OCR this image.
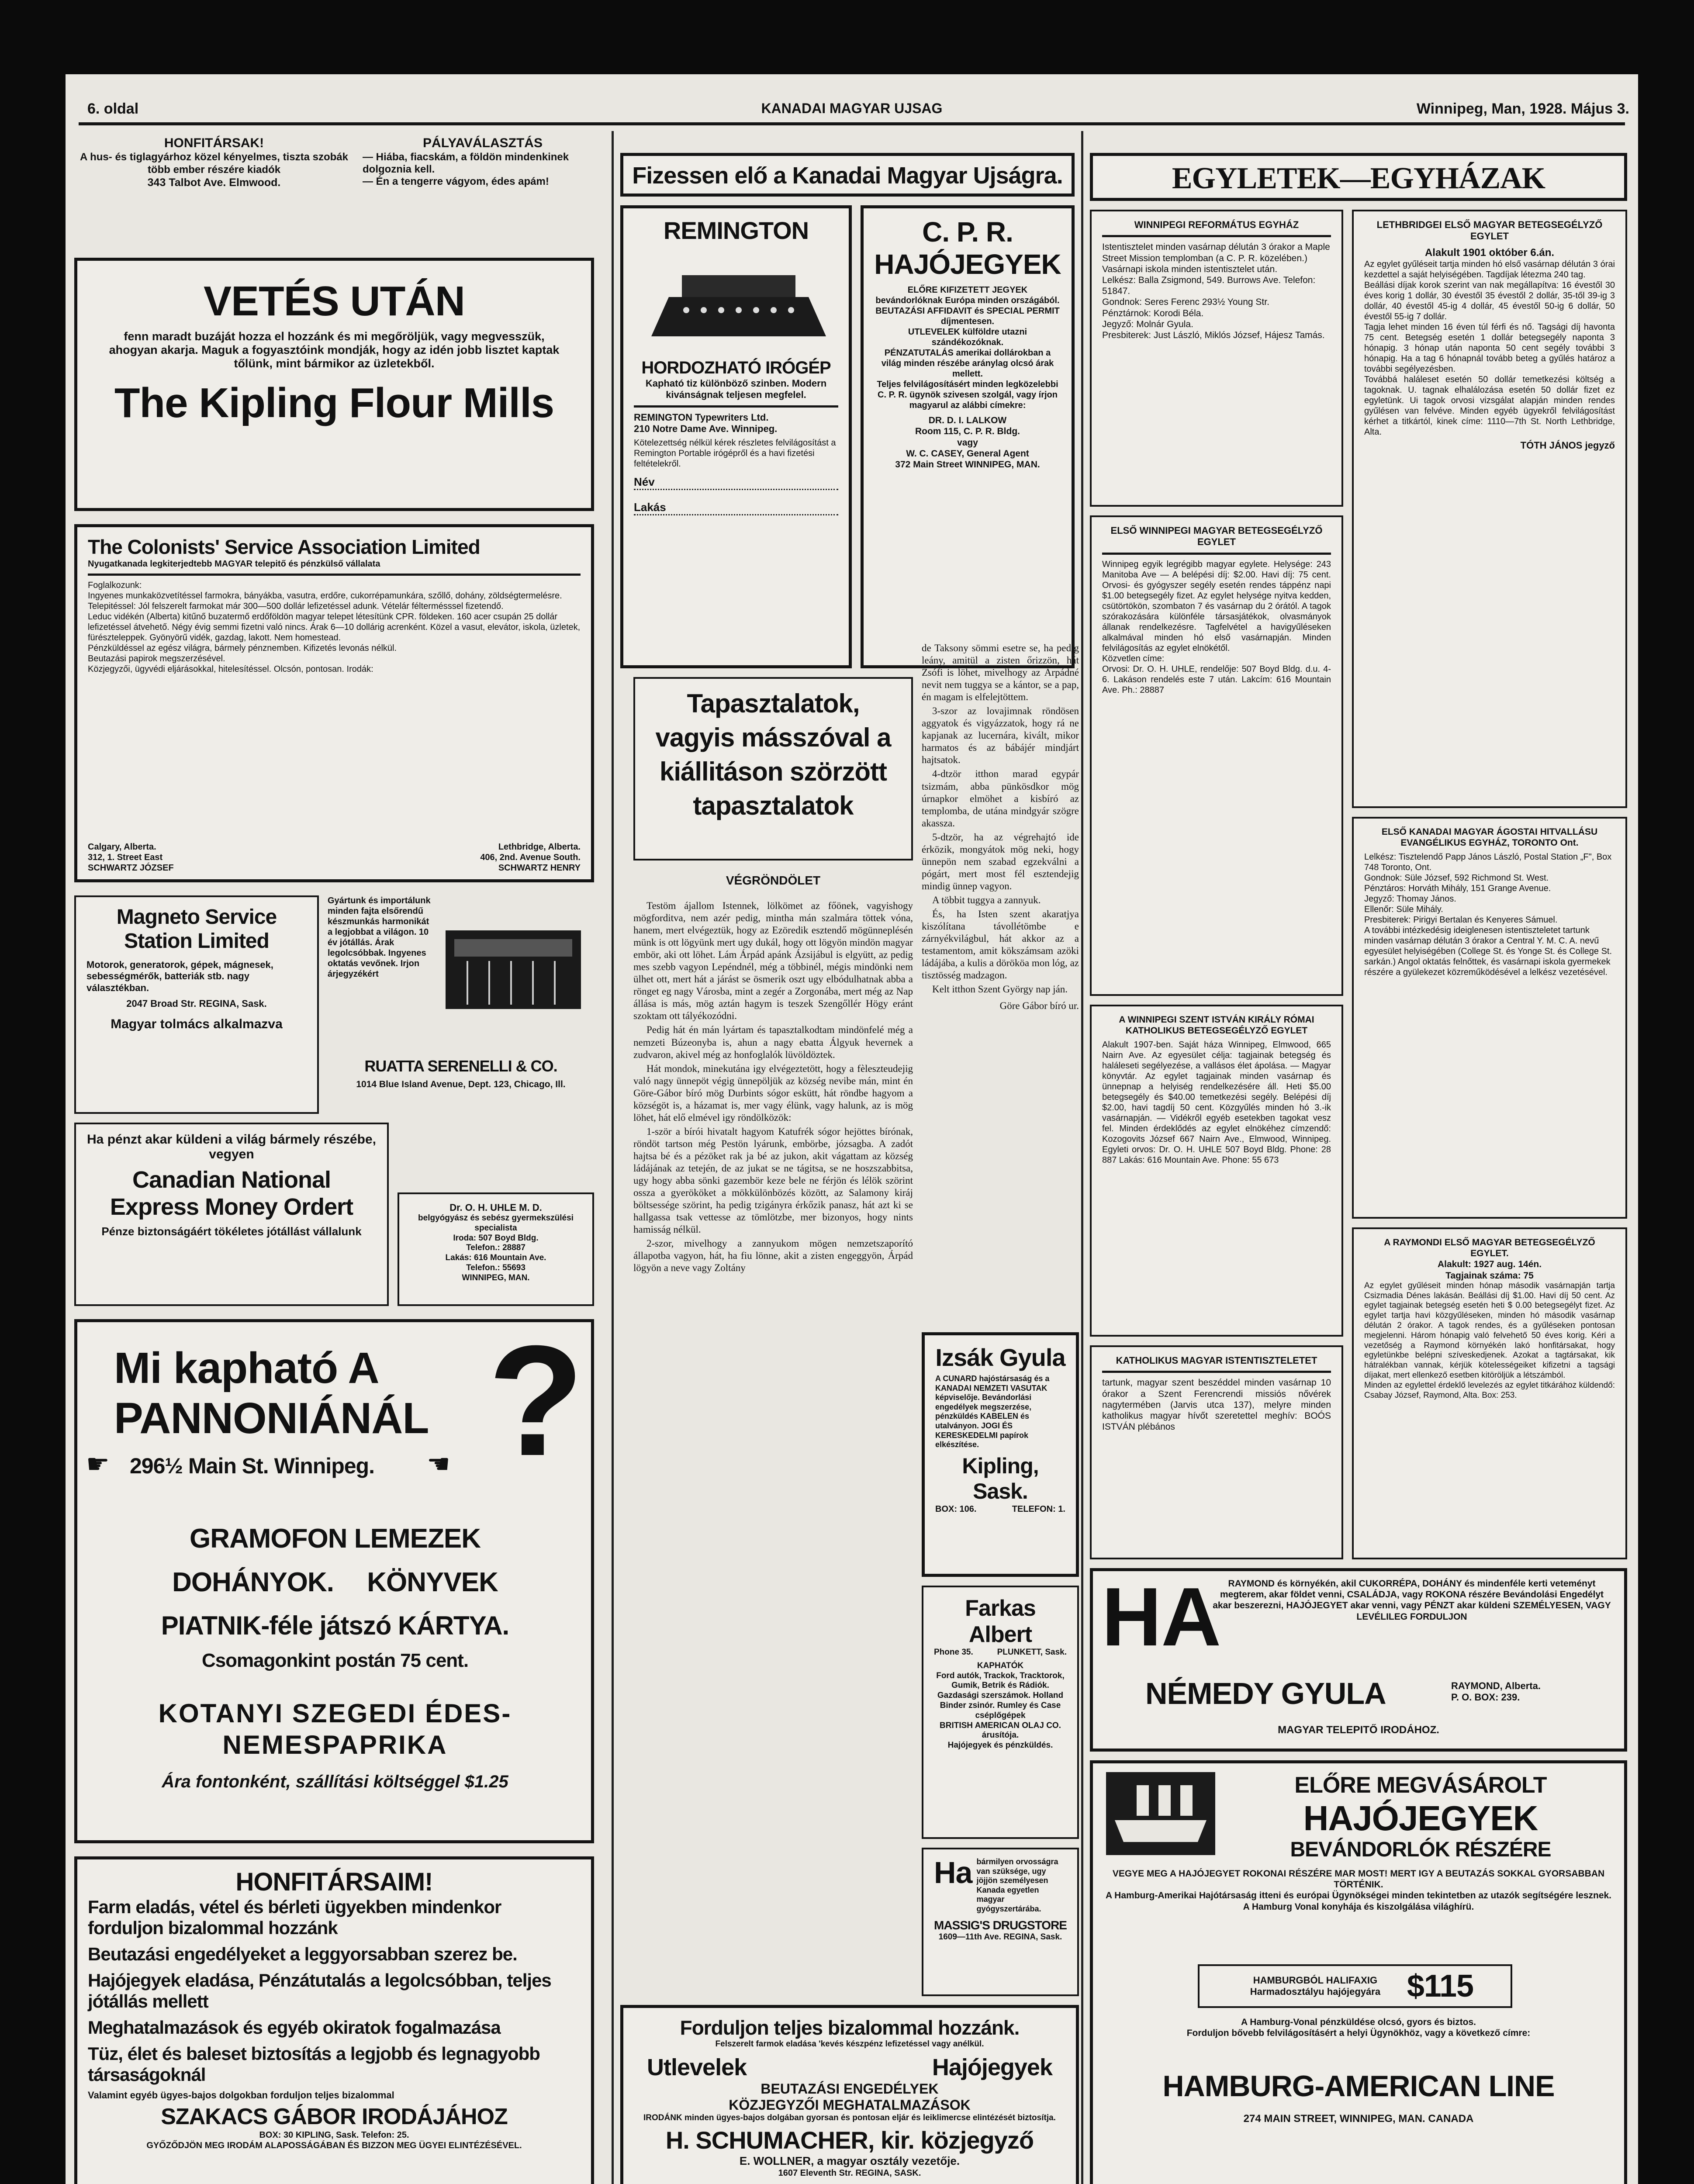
6. oldal	KANADAI MAGYAR UJSAG	Winnipeg, Man, 1928. Május 3.
HONFITÁRSAK!
A hus- és tiglagyárhoz közel kényelmes, tiszta szobák több ember részére kiadók
343 Talbot Ave. Elmwood.
PÁLYAVÁLASZTÁS
— Hiába, fiacskám, a földön mindenkinek dolgoznia kell.
— Én a tengerre vágyom, édes apám!
VETÉS UTÁN
fenn maradt buzáját hozza el hozzánk és mi megőröljük, vagy megvesszük, ahogyan akarja. Maguk a fogyasztóink mondják, hogy az idén jobb lisztet kaptak tőlünk, mint bármikor az üzletekből.
The Kipling Flour Mills
The Colonists' Service Association Limited
Nyugatkanada legkiterjedtebb MAGYAR telepitő és pénzkülső vállalata
Foglalkozunk:
Ingyenes munkaközvetítéssel farmokra, bányákba, vasutra, erdőre, cukorrépamunkára, szőllő, dohány, zöldségtermelésre.
Telepitéssel: Jól felszerelt farmokat már 300—500 dollár lefizetéssel adunk. Vételár féltermésssel fizetendő.
Leduc vidékén (Alberta) kitűnő buzatermő erdőföldön magyar telepet létesítünk CPR. földeken. 160 acer csupán 25 dollár lefizetéssel átvehető. Négy évig semmi fizetni való nincs. Árak 6—10 dollárig acrenként. Közel a vasut, elevátor, iskola, üzletek, fürészteleppek. Gyönyörű vidék, gazdag, lakott. Nem homestead.
Pénzküldéssel az egész világra, bármely pénznemben. Kifizetés levonás nélkül.
Beutazási papirok megszerzésével.
Közjegyzői, ügyvédi eljárásokkal, hitelesítéssel. Olcsón, pontosan. Irodák:
Calgary, Alberta.
312, 1. Street East
SCHWARTZ JÓZSEF
Lethbridge, Alberta.
406, 2nd. Avenue South.
SCHWARTZ HENRY
Magneto Service Station Limited
Motorok, generatorok, gépek, mágnesek, sebességmérők, batteriák stb. nagy választékban.
2047 Broad Str. REGINA, Sask.
Magyar tolmács alkalmazva
Gyártunk és importálunk minden fajta elsőrendű készmunkás harmonikát a legjobbat a világon. 10 év jótállás. Árak legolcsóbbak. Ingyenes oktatás vevőnek. Irjon árjegyzékért
RUATTA SERENELLI & CO.
1014 Blue Island Avenue, Dept. 123, Chicago, Ill.
Ha pénzt akar küldeni a világ bármely részébe, vegyen
Canadian National Express Money Ordert
Pénze biztonságáért tökéletes jótállást vállalunk
Dr. O. H. UHLE M. D.
belgyógyász és sebész gyermekszülési specialista
Iroda: 507 Boyd Bldg.
Telefon.: 28887
Lakás: 616 Mountain Ave.
Telefon.: 55693
WINNIPEG, MAN.
Mi kapható A PANNONIÁNÁL ?
296½ Main St. Winnipeg.
☛	☚
GRAMOFON LEMEZEK
DOHÁNYOK. KÖNYVEK
PIATNIK-féle játszó KÁRTYA.
Csomagonkint postán 75 cent.
KOTANYI SZEGEDI ÉDES-NEMESPAPRIKA
Ára fontonként, szállítási költséggel $1.25
HONFITÁRSAIM!
Farm eladás, vétel és bérleti ügyekben mindenkor forduljon bizalommal hozzánk
Beutazási engedélyeket a leggyorsabban szerez be.
Hajójegyek eladása, Pénzátutalás a legolcsóbban, teljes jótállás mellett
Meghatalmazások és egyéb okiratok fogalmazása
Tüz, élet és baleset biztosítás a legjobb és legnagyobb társaságoknál
Valamint egyéb ügyes-bajos dolgokban forduljon teljes bizalommal
SZAKACS GÁBOR IRODÁJÁHOZ
BOX: 30 KIPLING, Sask. Telefon: 25.
GYŐZŐDJÖN MEG IRODÁM ALAPOSSÁGÁBAN ÉS BIZZON MEG ÜGYEI ELINTÉZÉSÉVEL.
Fizessen elő a Kanadai Magyar Ujságra.
REMINGTON
HORDOZHATÓ IRÓGÉP
Kapható tiz különböző szinben. Modern kivánságnak teljesen megfelel.
REMINGTON Typewriters Ltd.
210 Notre Dame Ave. Winnipeg.
Kötelezettség nélkül kérek részletes felvilágosítást a Remington Portable irógépről és a havi fizetési feltételekről.
Név
Lakás
C. P. R. HAJÓJEGYEK
ELŐRE KIFIZETETT JEGYEK bevándorlóknak Európa minden országából.
BEUTAZÁSI AFFIDAVIT és SPECIAL PERMIT díjmentesen.
UTLEVELEK külföldre utazni szándékozóknak.
PÉNZATUTALÁS amerikai dollárokban a világ minden részébe aránylag olcsó árak mellett.
Teljes felvilágosításért minden legközelebbi C. P. R. ügynök szivesen szolgál, vagy írjon magyarul az alábbi címekre:
DR. D. I. LALKOW
Room 115, C. P. R. Bldg.
vagy
W. C. CASEY, General Agent
372 Main Street WINNIPEG, MAN.
Tapasztalatok, vagyis másszóval a kiállitáson szörzött tapasztalatok
VÉGRÖNDÖLET

Testöm ájallom Istennek, lölkömet az főönek, vagyishogy mögforditva, nem azér pedig, mintha mán szalmára töttek vóna, hanem, mert elvégeztük, hogy az Ezöredik esztendő mögünneplésén münk is ott lögyünk mert ugy dukál, hogy ott lögyön mindön magyar embör, aki ott löhet. Lám Árpád apánk Ázsijábul is elgyütt, az pedig mes szebb vagyon Lepéndnél, még a többinél, mégis mindönki nem ülhet ott, mert hát a járást se ösmerik oszt ugy elbódulhatnak abba a rönget eg nagy Városba, mint a zegér a Zorgonába, mert még az Nap állása is más, mög aztán hagym is teszek Szengőllér Högy eránt szoktam ott tályékozódni.

Pedig hát én mán lyártam és tapasztalkodtam mindönfelé még a nemzeti Búzeonyba is, ahun a nagy ebatta Álgyuk hevernek a zudvaron, akivel még az honfoglalók lüvöldöztek.

Hát mondok, minekutána igy elvégeztetött, hogy a fèleszteudejig való nagy ünnepöt végig ünnepöljük az község nevibe mán, mint én Göre-Gábor bíró mög Durbints sógor eskütt, hát röndbe hagyom a községöt is, a házamat is, mer vagy élünk, vagy halunk, az is mög löhet, hát elő elmével igy röndölközök:

1-ször a bírói hivatalt hagyom Katufrék sógor hejöttes bírónak, röndöt tartson még Pestön lyárunk, embörbe, józsagba. A zadót hajtsa bé és a pézöket rak ja bé az jukon, akit vágattam az község ládájának az tetején, de az jukat se ne tágitsa, se ne hoszszabbitsa, ugy hogy abba sönki gazembör keze bele ne férjön és lélök szörint ossza a gyerököket a mökkülönbözés között, az Salamony kiráj böltsessége szörint, ha pedig tzigányra érkőzik panasz, hát azt ki se hallgassa tsak vettesse az tömlötzbe, mer bizonyos, hogy nints hamisság nélkül.

2-szor, mivelhogy a zannyukom mögen nemzetszaporító állapotba vagyon, hát, ha fiu lönne, akit a zisten engeggyön, Árpád lögyön a neve vagy Zoltány

de Taksony sömmi esetre se, ha pedig leány, amitül a zisten őrizzön, hát Zsófi is löhet, mivelhogy az Árpádné nevit nem tuggya se a kántor, se a pap, én magam is elfelejtöttem.

3-szor az lovajimnak röndösen aggyatok és vigyázzatok, hogy rá ne kapjanak az lucernára, kivált, mikor harmatos és az bábájér mindjárt hajtsatok.

4-dtzör itthon marad egypár tsizmám, abba pünkösdkor mög úrnapkor elmöhet a kisbíró az templomba, de utána mindgyár szögre akassza.

5-dtzör, ha az végrehajtó ide érközik, mongyátok mög neki, hogy ünnepön nem szabad egzekválni a pógárt, mert most fél esztendejig mindig ünnep vagyon.

A többit tuggya a zannyuk.

És, ha Isten szent akaratjya kiszólítana távollétömbe e zárnyékvilágbul, hát akkor az a testamentom, amit kökszámsam azöki ládájába, a kulis a dörököa mon lóg, az tisztösség madzagon.

Kelt itthon Szent György nap ján.

Göre Gábor bíró ur.

Izsák Gyula
A CUNARD hajóstársaság és a KANADAI NEMZETI VASUTAK képviselője. Bevándorlási engedélyek megszerzése, pénzküldés KABELEN és utalványon. JOGI ÉS KERESKEDELMI papírok elkészítése.
Kipling, Sask.
BOX: 106.	TELEFON: 1.
Farkas Albert
Phone 35.	PLUNKETT, Sask.
KAPHATÓK
Ford autók, Trackok, Tracktorok, Gumik, Betrik és Rádiók. Gazdasági szerszámok. Holland Binder zsinór. Rumley és Case cséplőgépek
BRITISH AMERICAN OLAJ CO. árusítója.
Hajójegyek és pénzküldés.
Ha bármilyen orvosságra van szüksége, ugy jöjjön személyesen Kanada egyetlen magyar gyógyszertárába.
MASSIG'S DRUGSTORE
1609—11th Ave. REGINA, Sask.
Forduljon teljes bizalommal hozzánk.
Felszerelt farmok eladása 'kevés készpénz lefizetéssel vagy anélkül.
Utlevelek	Hajójegyek
BEUTAZÁSI ENGEDÉLYEK
KÖZJEGYZŐI MEGHATALMAZÁSOK
IRODÁNK minden ügyes-bajos dolgában gyorsan és pontosan eljár és leiklimercse elintézését biztosítja.
H. SCHUMACHER, kir. közjegyző
E. WOLLNER, a magyar osztály vezetője.
1607 Eleventh Str. REGINA, SASK.
EGYLETEK—EGYHÁZAK
WINNIPEGI REFORMÁTUS EGYHÁZ
Istentisztelet minden vasárnap délután 3 órakor a Maple Street Mission templomban (a C. P. R. közelében.)
Vasárnapi iskola minden istentisztelet után.
Lelkész: Balla Zsigmond, 549. Burrows Ave. Telefon: 51847.
Gondnok: Seres Ferenc 293½ Young Str.
Pénztárnok: Korodi Béla.
Jegyző: Molnár Gyula.
Presbiterek: Just László, Miklós József, Hájesz Tamás.
LETHBRIDGEI ELSŐ MAGYAR BETEGSEGÉLYZŐ EGYLET
Alakult 1901 október 6.án.
Az egylet gyűléseit tartja minden hó első vasárnap délután 3 órai kezdettel a saját helyiségében. Tagdíjak létezma 240 tag.
Beállási díjak korok szerint van nak megállapítva: 16 évestől 30 éves korig 1 dollár, 30 évestől 35 évestől 2 dollár, 35-től 39-ig 3 dollár, 40 évestől 45-ig 4 dollár, 45 évestől 50-ig 6 dollár, 50 évestől 55-ig 7 dollár.
Tagja lehet minden 16 éven túl férfi és nő. Tagsági díj havonta 75 cent. Betegség esetén 1 dollár betegsegély naponta 3 hónapig. 3 hónap után naponta 50 cent segély további 3 hónapig. Ha a tag 6 hónapnál tovább beteg a gyűlés határoz a további segélyezésben.
Továbbá haláleset esetén 50 dollár temetkezési költség a tagoknak. U. tagnak elhalálozása esetén 50 dollár fizet ez egyletünk. Ui tagok orvosi vizsgálat alapján minden rendes gyűlésen van felvéve. Minden egyéb ügyekről felvilágosítást kérhet a titkártól, kinek címe: 1110—7th St. North Lethbridge, Alta.
TÓTH JÁNOS jegyző
ELSŐ WINNIPEGI MAGYAR BETEGSEGÉLYZŐ EGYLET
Winnipeg egyik legrégibb magyar egylete. Helysége: 243 Manitoba Ave — A belépési díj: $2.00. Havi díj: 75 cent. Orvosi- és gyógyszer segély esetén rendes táppénz napi $1.00 betegsegély fizet. Az egylet helysége nyitva kedden, csütörtökön, szombaton 7 és vasárnap du 2 órától. A tagok szórakozására különféle társasjátékok, olvasmányok állanak rendelkezésre. Tagfelvétel a havigyűléseken alkalmával minden hó első vasárnapján. Minden felvilágosítás az egylet elnökétől.
Közvetlen címe:
Orvosi: Dr. O. H. UHLE, rendelője: 507 Boyd Bldg. d.u. 4-6. Lakáson rendelés este 7 után. Lakcím: 616 Mountain Ave. Ph.: 28887
ELSŐ KANADAI MAGYAR ÁGOSTAI HITVALLÁSU EVANGÉLIKUS EGYHÁZ, TORONTO Ont.
Lelkész: Tisztelendő Papp János László, Postal Station „F", Box 748 Toronto, Ont.
Gondnok: Süle József, 592 Richmond St. West.
Pénztáros: Horváth Mihály, 151 Grange Avenue.
Jegyző: Thomay János.
Ellenőr: Süle Mihály.
Presbiterek: Pirigyi Bertalan és Kenyeres Sámuel.
A további intézkedésig ideiglenesen istentiszteletet tartunk minden vasárnap délután 3 órakor a Central Y. M. C. A. nevű egyesület helyiségében (College St. és Yonge St. és College St. sarkán.) Angol oktatás felnőttek, és vasárnapi iskola gyermekek részére a gyülekezet közreműködésével a lelkész vezetésével.
A WINNIPEGI SZENT ISTVÁN KIRÁLY RÓMAI KATHOLIKUS BETEGSEGÉLYZŐ EGYLET
Alakult 1907-ben. Saját háza Winnipeg, Elmwood, 665 Nairn Ave. Az egyesület célja: tagjainak betegség és haláleseti segélyezése, a vallásos élet ápolása. — Magyar könyvtár. Az egylet tagjainak minden vasárnap és ünnepnap a helyiség rendelkezésére áll. Heti $5.00 betegsegély és $40.00 temetkezési segély. Belépési díj $2.00, havi tagdíj 50 cent. Közgyűlés minden hó 3.-ik vasárnapján. — Vidékről egyéb esetekben tagokat vesz fel. Minden érdeklődés az egylet elnökéhez címzendő: Kozogovits József 667 Nairn Ave., Elmwood, Winnipeg. Egyleti orvos: Dr. O. H. UHLE 507 Boyd Bldg. Phone: 28 887 Lakás: 616 Mountain Ave. Phone: 55 673
A RAYMONDI ELSŐ MAGYAR BETEGSEGÉLYZŐ EGYLET.
Alakult: 1927 aug. 14én.
Tagjainak száma: 75
Az egylet gyűléseit minden hónap második vasárnapján tartja Csizmadia Dénes lakásán. Beállási díj $1.00. Havi díj 50 cent. Az egylet tagjainak betegség esetén heti $ 0.00 betegsegélyt fizet. Az egylet tartja havi közgyűléseken, minden hó második vasárnap délután 2 órakor. A tagok rendes, és a gyűléseken pontosan megjelenni. Három hónapig való felvehető 50 éves korig. Kéri a vezetőség a Raymond környékén lakó honfitársakat, hogy egyletünkbe belépni szíveskedjenek. Azokat a tagtársakat, kik hátralékban vannak, kérjük kötelességeiket kifizetni a tagsági díjakat, mert ellenkező esetben kitöröljük a létszámból.
Minden az egylettel érdeklő levelezés az egylet titkárához küldendő: Csabay József, Raymond, Alta. Box: 253.
KATHOLIKUS MAGYAR ISTENTISZTELETET
tartunk, magyar szent beszéddel minden vasárnap 10 órakor a Szent Ferencrendi missiós nővérek nagytermében (Jarvis utca 137), melyre minden katholikus magyar hívőt szeretettel meghív: BOÓS ISTVÁN plébános
HA RAYMOND és környékén, akil CUKORRÉPA, DOHÁNY és mindenféle kerti veteményt megterem, akar földet venni, CSALÁDJA, vagy ROKONA részére Bevándolási Engedélyt akar beszerezni, HAJÓJEGYET akar venni, vagy PÉNZT akar küldeni SZEMÉLYESEN, VAGY LEVÉLILEG FORDULJON
NÉMEDY GYULA	RAYMOND, Alberta.
P. O. BOX: 239.
MAGYAR TELEPITŐ IRODÁHOZ.
ELŐRE MEGVÁSÁROLT
HAJÓJEGYEK
BEVÁNDORLÓK RÉSZÉRE
VEGYE MEG A HAJÓJEGYET ROKONAI RÉSZÉRE MAR MOST! MERT IGY A BEUTAZÁS SOKKAL GYORSABBAN TÖRTÉNIK.
A Hamburg-Amerikai Hajótársaság itteni és európai Ügynökségei minden tekintetben az utazók segítségére lesznek.
A Hamburg Vonal konyhája és kiszolgálása világhírü.
HAMBURGBÓL HALIFAXIG Harmadosztályu hajójegyára $115
A Hamburg-Vonal pénzküldése olcsó, gyors és biztos.
Forduljon bővebb felvilágosításért a helyi Ügynökhöz, vagy a következő címre:
HAMBURG-AMERICAN LINE
274 MAIN STREET, WINNIPEG, MAN. CANADA
